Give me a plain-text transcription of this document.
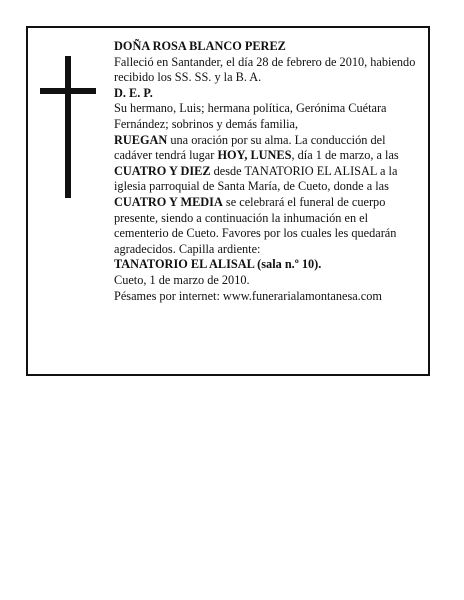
DOÑA ROSA BLANCO PEREZ

Falleció en Santander, el día 28 de febrero de 2010, habiendo recibido los SS. SS. y la B. A.

D. E. P.

Su hermano, Luis; hermana política, Gerónima Cuétara Fernández; sobrinos y demás familia,

RUEGAN una oración por su alma. La conducción del cadáver tendrá lugar HOY, LUNES, día 1 de marzo, a las CUATRO Y DIEZ desde TANATORIO EL ALISAL a la iglesia parroquial de Santa María, de Cueto, donde a las CUATRO Y MEDIA se celebrará el funeral de cuerpo presente, siendo a continuación la inhumación en el cementerio de Cueto. Favores por los cuales les quedarán agradecidos. Capilla ardiente:

TANATORIO EL ALISAL (sala n.º 10).

Cueto, 1 de marzo de 2010.

Pésames por internet: www.funerarialamontanesa.com
